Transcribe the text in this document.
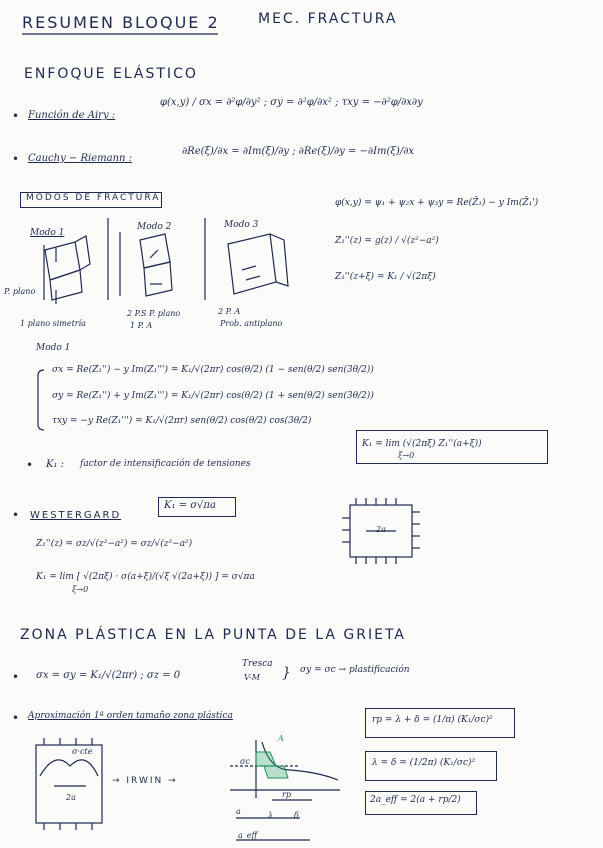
RESUMEN BLOQUE 2	MEC. FRACTURA
ENFOQUE ELÁSTICO
• Función de Airy :
φ(x,y) / σx = ∂²φ/∂y² ; σy = ∂²φ/∂x² ; τxy = −∂²φ/∂x∂y
• Cauchy − Riemann :
∂Re(ξ)/∂x = ∂Im(ξ)/∂y ; ∂Re(ξ)/∂y = −∂Im(ξ)/∂x
MODOS DE FRACTURA	φ(x,y) = ψ₁ + ψ₂x + ψ₃y = Re(Z̄₁) − y Im(Z̄₁')
Modo 1
Modo 2	Modo 3
P. plano
1 plano simetría
2 P.S P. plano
1 P. A
2 P. A
Prob. antiplano
Z₁''(z) = g(z) / √(z²−a²)
Z₁''(z+ξ) = K₁ / √(2πξ)
Modo 1
σx = Re(Z₁'') − y Im(Z₁''') = K₁/√(2πr) cos(θ/2) (1 − sen(θ/2) sen(3θ/2))
σy = Re(Z₁'') + y Im(Z₁''') = K₁/√(2πr) cos(θ/2) (1 + sen(θ/2) sen(3θ/2))
τxy = −y Re(Z₁''') = K₁/√(2πr) sen(θ/2) cos(θ/2) cos(3θ/2)
K₁ = lim (√(2πξ) Z₁''(a+ξ))
ξ→0
• K₁ : factor de intensificación de tensiones
• WESTERGARD
K₁ = σ√πa
Z₁''(z) = σz/√(z²−a²) = σz/√(z²−a²)
K₁ = lim [ √(2πξ) · σ(a+ξ)/(√ξ √(2a+ξ)) ] = σ√πa
ξ→0
2a
ZONA PLÁSTICA EN LA PUNTA DE LA GRIETA
• σx = σy = K₁/√(2πr) ; σz = 0
Tresca
V-M } σy = σc → plastificación
• Aproximación 1ª orden tamaño zona plástica
→ IRWIN →
2a
σ·cte
rp
a
a_eff
A
σc
λ	δ
rp = λ + δ = (1/π) (K₁/σc)²
λ = δ = (1/2π) (K₁/σc)²
2a_eff = 2(a + rp/2)
